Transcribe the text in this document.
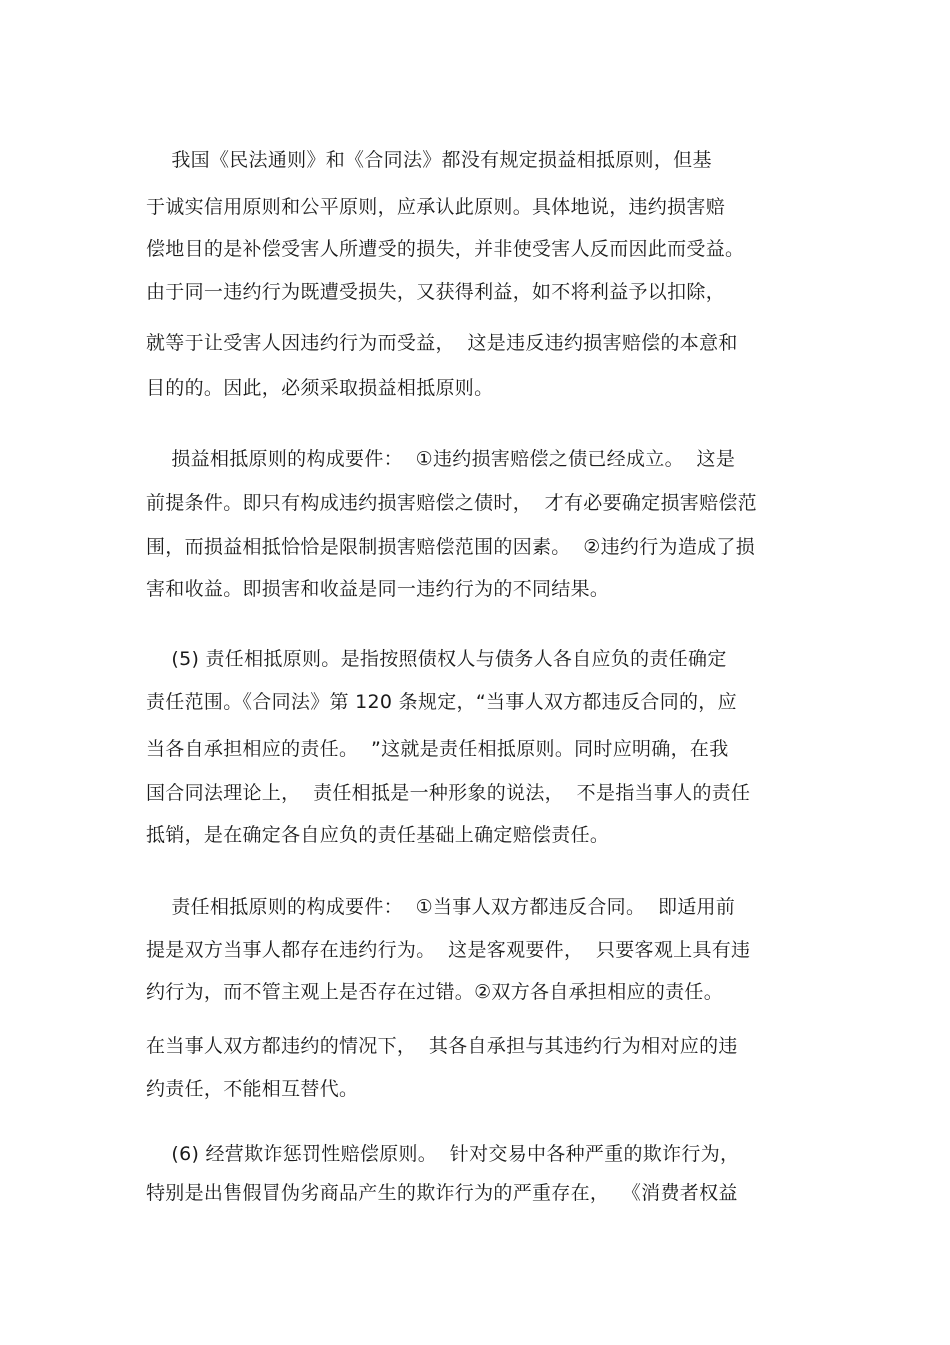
我国《民法通则》和《合同法》都没有规定损益相抵原则，但基
于诚实信用原则和公平原则，应承认此原则。具体地说，违约损害赔
偿地目的是补偿受害人所遭受的损失，并非使受害人反而因此而受益。
由于同一违约行为既遭受损失，又获得利益，如不将利益予以扣除，
就等于让受害人因违约行为而受益，  这是违反违约损害赔偿的本意和
目的的。因此，必须采取损益相抵原则。
损益相抵原则的构成要件：  ①违约损害赔偿之债已经成立。  这是
前提条件。即只有构成违约损害赔偿之债时，  才有必要确定损害赔偿范
围，而损益相抵恰恰是限制损害赔偿范围的因素。  ②违约行为造成了损
害和收益。即损害和收益是同一违约行为的不同结果。
(5) 责任相抵原则。是指按照债权人与债务人各自应负的责任确定
责任范围。《合同法》第 120 条规定，“当事人双方都违反合同的，应
当各自承担相应的责任。  ”这就是责任相抵原则。同时应明确，在我
国合同法理论上，  责任相抵是一种形象的说法，  不是指当事人的责任
抵销，是在确定各自应负的责任基础上确定赔偿责任。
责任相抵原则的构成要件：  ①当事人双方都违反合同。  即适用前
提是双方当事人都存在违约行为。  这是客观要件，  只要客观上具有违
约行为，而不管主观上是否存在过错。②双方各自承担相应的责任。
在当事人双方都违约的情况下，  其各自承担与其违约行为相对应的违
约责任，不能相互替代。
(6) 经营欺诈惩罚性赔偿原则。  针对交易中各种严重的欺诈行为，
特别是出售假冒伪劣商品产生的欺诈行为的严重存在，  《消费者权益
